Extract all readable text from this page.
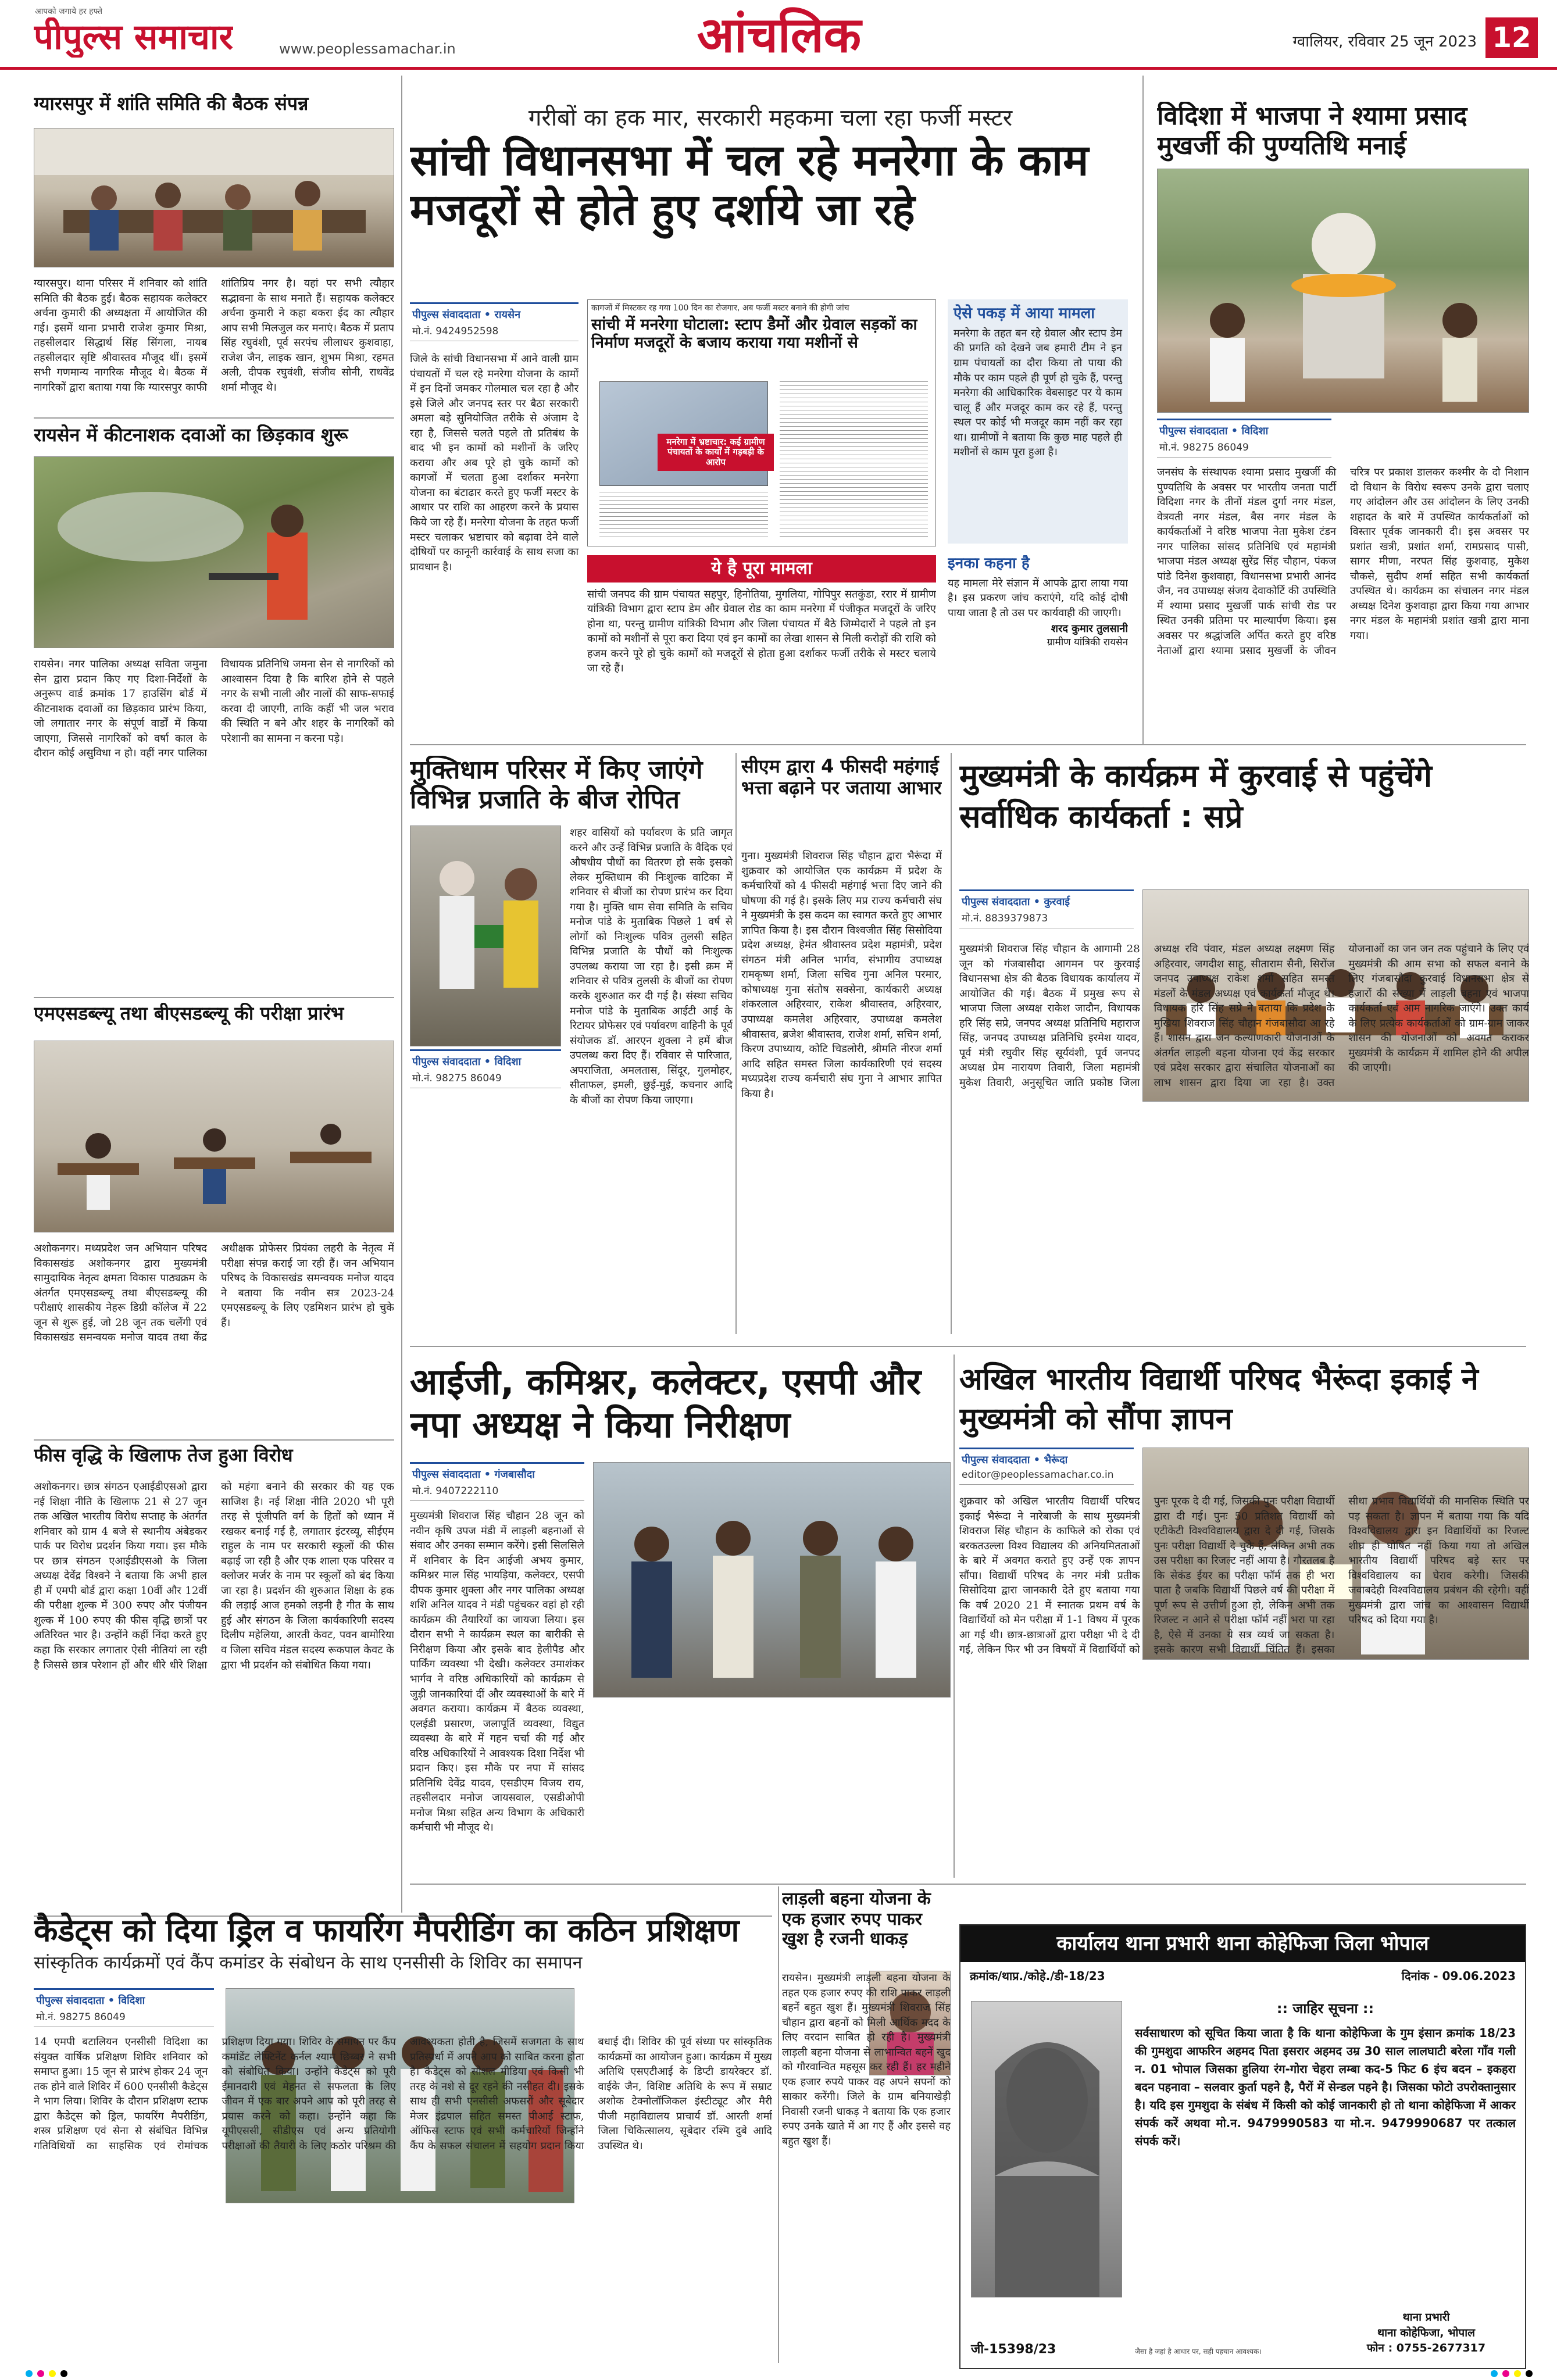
आपको जगाये हर हफ्ते
पीपुल्स समाचार	www.peoplessamachar.in	आंचलिक	ग्वालियर, रविवार 25 जून 2023 12
ग्यारसपुर में शांति समिति की बैठक संपन्न
ग्यारसपुर। थाना परिसर में शनिवार को शांति समिति की बैठक हुई। बैठक सहायक कलेक्टर अर्चना कुमारी की अध्यक्षता में आयोजित की गई। इसमें थाना प्रभारी राजेश कुमार मिश्रा, तहसीलदार सिद्धार्थ सिंह सिंगला, नायब तहसीलदार सृष्टि श्रीवास्तव मौजूद थीं। इसमें सभी गणमान्य नागरिक मौजूद थे। बैठक में नागरिकों द्वारा बताया गया कि ग्यारसपुर काफी शांतिप्रिय नगर है। यहां पर सभी त्यौहार सद्भावना के साथ मनाते हैं। सहायक कलेक्टर अर्चना कुमारी ने कहा बकरा ईद का त्यौहार आप सभी मिलजुल कर मनाएं। बैठक में प्रताप सिंह रघुवंशी, पूर्व सरपंच लीलाधर कुशवाहा, राजेश जैन, लाइक खान, शुभम मिश्रा, रहमत अली, दीपक रघुवंशी, संजीव सोनी, राधवेंद्र शर्मा मौजूद थे।
रायसेन में कीटनाशक दवाओं का छिड़काव शुरू
रायसेन। नगर पालिका अध्यक्ष सविता जमुना सेन द्वारा प्रदान किए गए दिशा-निर्देशों के अनुरूप वार्ड क्रमांक 17 हाउसिंग बोर्ड में कीटनाशक दवाओं का छिड़काव प्रारंभ किया, जो लगातार नगर के संपूर्ण वार्डों में किया जाएगा, जिससे नागरिकों को वर्षा काल के दौरान कोई असुविधा न हो। वहीं नगर पालिका विधायक प्रतिनिधि जमना सेन से नागरिकों को आश्वासन दिया है कि बारिश होने से पहले नगर के सभी नाली और नालों की साफ-सफाई करवा दी जाएगी, ताकि कहीं भी जल भराव की स्थिति न बने और शहर के नागरिकों को परेशानी का सामना न करना पड़े।
एमएसडब्ल्यू तथा बीएसडब्ल्यू की परीक्षा प्रारंभ
अशोकनगर। मध्यप्रदेश जन अभियान परिषद विकासखंड अशोकनगर द्वारा मुख्यमंत्री सामुदायिक नेतृत्व क्षमता विकास पाठ्यक्रम के अंतर्गत एमएसडब्ल्यू तथा बीएसडब्ल्यू की परीक्षाएं शासकीय नेहरू डिग्री कॉलेज में 22 जून से शुरू हुई, जो 28 जून तक चलेंगी एवं विकासखंड समन्वयक मनोज यादव तथा केंद्र अधीक्षक प्रोफेसर प्रियंका लहरी के नेतृत्व में परीक्षा संपन्न कराई जा रही हैं। जन अभियान परिषद के विकासखंड समन्वयक मनोज यादव ने बताया कि नवीन सत्र 2023-24 एमएसडब्ल्यू के लिए एडमिशन प्रारंभ हो चुके हैं।
फीस वृद्धि के खिलाफ तेज हुआ विरोध
अशोकनगर। छात्र संगठन एआईडीएसओ द्वारा नई शिक्षा नीति के खिलाफ 21 से 27 जून तक अखिल भारतीय विरोध सप्ताह के अंतर्गत शनिवार को ग्राम 4 बजे से स्थानीय अंबेडकर पार्क पर विरोध प्रदर्शन किया गया। इस मौके पर छात्र संगठन एआईडीएसओ के जिला अध्यक्ष देवेंद्र विश्वने ने बताया कि अभी हाल ही में एमपी बोर्ड द्वारा कक्षा 10वीं और 12वीं की परीक्षा शुल्क में 300 रुपए और पंजीयन शुल्क में 100 रुपए की फीस वृद्धि छात्रों पर अतिरिक्त भार है। उन्होंने कहीं निंदा करते हुए कहा कि सरकार लगातार ऐसी नीतियां ला रही है जिससे छात्र परेशान हों और धीरे धीरे शिक्षा को महंगा बनाने की सरकार की यह एक साजिश है। नई शिक्षा नीति 2020 भी पूरी तरह से पूंजीपति वर्ग के हितों को ध्यान में रखकर बनाई गई है, लगातार इंटरव्यू, सीईएम राहुल के नाम पर सरकारी स्कूलों की फीस बढ़ाई जा रही है और एक शाला एक परिसर व क्लोजर मर्जर के नाम पर स्कूलों को बंद किया जा रहा है। प्रदर्शन की शुरुआत शिक्षा के हक की लड़ाई आज हमको लड़नी है गीत के साथ हुई और संगठन के जिला कार्यकारिणी सदस्य दिलीप महेलिया, आरती केवट, पवन बामोरिया व जिला सचिव मंडल सदस्य रूकपाल केवट के द्वारा भी प्रदर्शन को संबोधित किया गया।
गरीबों का हक मार, सरकारी महकमा चला रहा फर्जी मस्टर
सांची विधानसभा में चल रहे मनरेगा के काम मजदूरों से होते हुए दर्शाये जा रहे
पीपुल्स संवाददाता • रायसेन
मो.नं. 9424952598
जिले के सांची विधानसभा में आने वाली ग्राम पंचायतों में चल रहे मनरेगा योजना के कामों में इन दिनों जमकर गोलमाल चल रहा है और इसे जिले और जनपद स्तर पर बैठा सरकारी अमला बड़े सुनियोजित तरीके से अंजाम दे रहा है, जिससे चलते पहले तो प्रतिबंध के बाद भी इन कामों को मशीनों के जरिए कराया और अब पूरे हो चुके कामों को कागजों में चलता हुआ दर्शाकर मनरेगा योजना का बंटाढार करते हुए फर्जी मस्टर के आधार पर राशि का आहरण करने के प्रयास किये जा रहे हैं। मनरेगा योजना के तहत फर्जी मस्टर चलाकर भ्रष्टाचार को बढ़ावा देने वाले दोषियों पर कानूनी कार्रवाई के साथ सजा का प्रावधान है।
कागजों में मिस्टकर रह गया 100 दिन का रोजगार, अब फर्जी मस्टर बनाने की होगी जांच
सांची में मनरेगा घोटाला: स्टाप डैमों और ग्रेवाल सड़कों का निर्माण मजदूरों के बजाय कराया गया मशीनों से
मनरेगा में भ्रष्टाचार: कई ग्रामीण पंचायतों के कार्यों में गड़बड़ी के आरोप
ये है पूरा मामला
सांची जनपद की ग्राम पंचायत सहपुर, हिनोतिया, मुगलिया, गोपिपुर सतकुंडा, ररार में ग्रामीण यांत्रिकी विभाग द्वारा स्टाप डेम और ग्रेवाल रोड का काम मनरेगा में पंजीकृत मजदूरों के जरिए होना था, परन्तु ग्रामीण यांत्रिकी विभाग और जिला पंचायत में बैठे जिम्मेदारों ने पहले तो इन कामों को मशीनों से पूरा करा दिया एवं इन कामों का लेखा शासन से मिली करोड़ों की राशि को हजम करने पूरे हो चुके कामों को मजदूरों से होता हुआ दर्शाकर फर्जी तरीके से मस्टर चलाये जा रहे हैं।
ऐसे पकड़ में आया मामला
मनरेगा के तहत बन रहे ग्रेवाल और स्टाप डेम की प्रगति को देखने जब हमारी टीम ने इन ग्राम पंचायतों का दौरा किया तो पाया की मौके पर काम पहले ही पूर्ण हो चुके हैं, परन्तु मनरेगा की आधिकारिक वेबसाइट पर ये काम चालू हैं और मजदूर काम कर रहे हैं, परन्तु स्थल पर कोई भी मजदूर काम नहीं कर रहा था। ग्रामीणों ने बताया कि कुछ माह पहले ही मशीनों से काम पूरा हुआ है।
इनका कहना है
यह मामला मेरे संज्ञान में आपके द्वारा लाया गया है। इस प्रकरण जांच कराएंगे, यदि कोई दोषी पाया जाता है तो उस पर कार्यवाही की जाएगी।
शरद कुमार तुलसानी
ग्रामीण यांत्रिकी रायसेन
विदिशा में भाजपा ने श्यामा प्रसाद मुखर्जी की पुण्यतिथि मनाई
पीपुल्स संवाददाता • विदिशा
मो.नं. 98275 86049
जनसंघ के संस्थापक श्यामा प्रसाद मुखर्जी की पुण्यतिथि के अवसर पर भारतीय जनता पार्टी विदिशा नगर के तीनों मंडल दुर्गा नगर मंडल, वेत्रवती नगर मंडल, बैस नगर मंडल के कार्यकर्ताओं ने वरिष्ठ भाजपा नेता मुकेश टंडन नगर पालिका सांसद प्रतिनिधि एवं महामंत्री भाजपा मंडल अध्यक्ष सुरेंद्र सिंह चौहान, पंकज पांडे दिनेश कुशवाहा, विधानसभा प्रभारी आनंद जैन, नव उपाध्यक्ष संजय देवाकोर्टि की उपस्थिति में श्यामा प्रसाद मुखर्जी पार्क सांची रोड पर स्थित उनकी प्रतिमा पर माल्यार्पण किया। इस अवसर पर श्रद्धांजलि अर्पित करते हुए वरिष्ठ नेताओं द्वारा श्यामा प्रसाद मुखर्जी के जीवन चरित्र पर प्रकाश डालकर कश्मीर के दो निशान दो विधान के विरोध स्वरूप उनके द्वारा चलाए गए आंदोलन और उस आंदोलन के लिए उनकी शहादत के बारे में उपस्थित कार्यकर्ताओं को विस्तार पूर्वक जानकारी दी। इस अवसर पर प्रशांत खत्री, प्रशांत शर्मा, रामप्रसाद पासी, सागर मीणा, नरपत सिंह कुशवाह, मुकेश चौकसे, सुदीप शर्मा सहित सभी कार्यकर्ता उपस्थित थे। कार्यक्रम का संचालन नगर मंडल अध्यक्ष दिनेश कुशवाहा द्वारा किया गया आभार नगर मंडल के महामंत्री प्रशांत खत्री द्वारा माना गया।
मुक्तिधाम परिसर में किए जाएंगे विभिन्न प्रजाति के बीज रोपित
पीपुल्स संवाददाता • विदिशा
मो.नं. 98275 86049
शहर वासियों को पर्यावरण के प्रति जागृत करने और उन्हें विभिन्न प्रजाति के वैदिक एवं औषधीय पौधों का वितरण हो सके इसको लेकर मुक्तिधाम की निःशुल्क वाटिका में शनिवार से बीजों का रोपण प्रारंभ कर दिया गया है। मुक्ति धाम सेवा समिति के सचिव मनोज पांडे के मुताबिक पिछले 1 वर्ष से लोगों को निःशुल्क पवित्र तुलसी सहित विभिन्न प्रजाति के पौधों को निःशुल्क उपलब्ध कराया जा रहा है। इसी क्रम में शनिवार से पवित्र तुलसी के बीजों का रोपण करके शुरुआत कर दी गई है। संस्था सचिव मनोज पांडे के मुताबिक आईटी आई के रिटायर प्रोफेसर एवं पर्यावरण वाहिनी के पूर्व संयोजक डॉ. आरएन शुक्ला ने हमें बीज उपलब्ध करा दिए हैं। रविवार से पारिजात, अपराजिता, अमलतास, सिंदूर, गुलमोहर, सीताफल, इमली, छुई-मुई, कचनार आदि के बीजों का रोपण किया जाएगा।
सीएम द्वारा 4 फीसदी महंगाई भत्ता बढ़ाने पर जताया आभार
गुना। मुख्यमंत्री शिवराज सिंह चौहान द्वारा भैरूंदा में शुक्रवार को आयोजित एक कार्यक्रम में प्रदेश के कर्मचारियों को 4 फीसदी महंगाई भत्ता दिए जाने की घोषणा की गई है। इसके लिए मप्र राज्य कर्मचारी संघ ने मुख्यमंत्री के इस कदम का स्वागत करते हुए आभार ज्ञापित किया है। इस दौरान विश्वजीत सिंह सिसोदिया प्रदेश अध्यक्ष, हेमंत श्रीवास्तव प्रदेश महामंत्री, प्रदेश संगठन मंत्री अनिल भार्गव, संभागीय उपाध्यक्ष रामकृष्ण शर्मा, जिला सचिव गुना अनिल परमार, कोषाध्यक्ष गुना संतोष सक्सेना, कार्यकारी अध्यक्ष शंकरलाल अहिरवार, राकेश श्रीवास्तव, अहिरवार, उपाध्यक्ष कमलेश अहिरवार, उपाध्यक्ष कमलेश श्रीवास्तव, ब्रजेश श्रीवास्तव, राजेश शर्मा, सचिन शर्मा, किरण उपाध्याय, कोटि चिडलोरी, श्रीमति नीरज शर्मा आदि सहित समस्त जिला कार्यकारिणी एवं सदस्य मध्यप्रदेश राज्य कर्मचारी संघ गुना ने आभार ज्ञापित किया है।
मुख्यमंत्री के कार्यक्रम में कुरवाई से पहुंचेंगे सर्वाधिक कार्यकर्ता : सप्रे
पीपुल्स संवाददाता • कुरवाई
मो.नं. 8839379873
मुख्यमंत्री शिवराज सिंह चौहान के आगामी 28 जून को गंजबासौदा आगमन पर कुरवाई विधानसभा क्षेत्र की बैठक विधायक कार्यालय में आयोजित की गई। बैठक में प्रमुख रूप से भाजपा जिला अध्यक्ष राकेश जादौन, विधायक हरि सिंह सप्रे, जनपद अध्यक्ष प्रतिनिधि महाराज सिंह, जनपद उपाध्यक्ष प्रतिनिधि इरमेश यादव, पूर्व मंत्री रघुवीर सिंह सूर्यवंशी, पूर्व जनपद अध्यक्ष प्रेम नारायण तिवारी, जिला महामंत्री मुकेश तिवारी, अनुसूचित जाति प्रकोष्ठ जिला अध्यक्ष रवि पंवार, मंडल अध्यक्ष लक्ष्मण सिंह अहिरवार, जगदीश साहू, सीताराम सैनी, सिरोंज जनपद उपाध्यक्ष राकेश शर्मा सहित समस्त मंडलों के मंडल अध्यक्ष एवं कार्यकर्ता मौजूद थे। विधायक हरि सिंह सप्रे ने बताया कि प्रदेश के मुखिया शिवराज सिंह चौहान गंजबासौदा आ रहे हैं। शासन द्वारा जन कल्याणकारी योजनाओं के अंतर्गत लाड़ली बहना योजना एवं केंद्र सरकार एवं प्रदेश सरकार द्वारा संचालित योजनाओं का लाभ शासन द्वारा दिया जा रहा है। उक्त योजनाओं का जन जन तक पहुंचाने के लिए एवं मुख्यमंत्री की आम सभा को सफल बनाने के लिए गंजबासौदा कुरवाई विधानसभा क्षेत्र से हजारों की संख्या में लाड़ली बहना एवं भाजपा कार्यकर्ता एवं आम नागरिक जाएंगे। उक्त कार्य के लिए प्रत्येक कार्यकर्ताओं को ग्राम-ग्राम जाकर शासन की योजनाओं को अवगत कराकर मुख्यमंत्री के कार्यक्रम में शामिल होने की अपील की जाएगी।
आईजी, कमिश्नर, कलेक्टर, एसपी और नपा अध्यक्ष ने किया निरीक्षण
पीपुल्स संवाददाता • गंजबासौदा
मो.नं. 9407222110
मुख्यमंत्री शिवराज सिंह चौहान 28 जून को नवीन कृषि उपज मंडी में लाड़ली बहनाओं से संवाद और उनका सम्मान करेंगे। इसी सिलसिले में शनिवार के दिन आईजी अभय कुमार, कमिश्नर माल सिंह भायड़िया, कलेक्टर, एसपी दीपक कुमार शुक्ला और नगर पालिका अध्यक्ष शशि अनिल यादव ने मंडी पहुंचकर वहां हो रही कार्यक्रम की तैयारियों का जायजा लिया। इस दौरान सभी ने कार्यक्रम स्थल का बारीकी से निरीक्षण किया और इसके बाद हेलीपैड और पार्किंग व्यवस्था भी देखी। कलेक्टर उमाशंकर भार्गव ने वरिष्ठ अधिकारियों को कार्यक्रम से जुड़ी जानकारियां दीं और व्यवस्थाओं के बारे में अवगत कराया। कार्यक्रम में बैठक व्यवस्था, एलईडी प्रसारण, जलापूर्ति व्यवस्था, विद्युत व्यवस्था के बारे में गहन चर्चा की गई और वरिष्ठ अधिकारियों ने आवश्यक दिशा निर्देश भी प्रदान किए। इस मौके पर नपा में सांसद प्रतिनिधि देवेंद्र यादव, एसडीएम विजय राय, तहसीलदार मनोज जायसवाल, एसडीओपी मनोज मिश्रा सहित अन्य विभाग के अधिकारी कर्मचारी भी मौजूद थे।
अखिल भारतीय विद्यार्थी परिषद भैरूंदा इकाई ने मुख्यमंत्री को सौंपा ज्ञापन
पीपुल्स संवाददाता • भैरूंदा
editor@peoplessamachar.co.in
शुक्रवार को अखिल भारतीय विद्यार्थी परिषद इकाई भैरूंदा ने नारेबाजी के साथ मुख्यमंत्री शिवराज सिंह चौहान के काफिले को रोका एवं बरकतउल्ला विश्व विद्यालय की अनियमितताओं के बारे में अवगत कराते हुए उन्हें एक ज्ञापन सौंपा। विद्यार्थी परिषद के नगर मंत्री प्रतीक सिसोदिया द्वारा जानकारी देते हुए बताया गया कि वर्ष 2020 21 में स्नातक प्रथम वर्ष के विद्यार्थियों को मेन परीक्षा में 1-1 विषय में पूरक आ गई थी। छात्र-छात्राओं द्वारा परीक्षा भी दे दी गई, लेकिन फिर भी उन विषयों में विद्यार्थियों को पुनः पूरक दे दी गई, जिसकी पुनः परीक्षा विद्यार्थी द्वारा दी गई। पुनः 50 प्रतिशत विद्यार्थी को एटीकेटी विश्वविद्यालय द्वारा दे दी गई, जिसके पुनः परीक्षा विद्यार्थी दे चुके हैं, लेकिन अभी तक उस परीक्षा का रिजल्ट नहीं आया है। गौरतलब है कि सेकंड ईयर का परीक्षा फॉर्म तक ही भरा पाता है जबकि विद्यार्थी पिछले वर्ष की परीक्षा में पूर्ण रूप से उत्तीर्ण हुआ हो, लेकिन अभी तक रिजल्ट न आने से परीक्षा फॉर्म नहीं भरा पा रहा है, ऐसे में उनका ये सत्र व्यर्थ जा सकता है। इसके कारण सभी विद्यार्थी चिंतित हैं। इसका सीधा प्रभाव विद्यार्थियों की मानसिक स्थिति पर पड़ सकता है। ज्ञापन में बताया गया कि यदि विश्वविद्यालय द्वारा इन विद्यार्थियों का रिजल्ट शीघ्र ही घोषित नहीं किया गया तो अखिल भारतीय विद्यार्थी परिषद बड़े स्तर पर विश्वविद्यालय का घेराव करेगी। जिसकी जवाबदेही विश्वविद्यालय प्रबंधन की रहेगी। वहीं मुख्यमंत्री द्वारा जांच का आश्वासन विद्यार्थी परिषद को दिया गया है।
कैडेट्स को दिया ड्रिल व फायरिंग मैपरीडिंग का कठिन प्रशिक्षण
सांस्कृतिक कार्यक्रमों एवं कैंप कमांडर के संबोधन के साथ एनसीसी के शिविर का समापन
पीपुल्स संवाददाता • विदिशा
मो.नं. 98275 86049
14 एमपी बटालियन एनसीसी विदिशा का संयुक्त वार्षिक प्रशिक्षण शिविर शनिवार को समाप्त हुआ। 15 जून से प्रारंभ होकर 24 जून तक होने वाले शिविर में 600 एनसीसी कैडेट्स ने भाग लिया। शिविर के दौरान प्रशिक्षण स्टाफ द्वारा कैडेट्स को ड्रिल, फायरिंग मैपरीडिंग, शस्त्र प्रशिक्षण एवं सेना से संबंधित विभिन्न गतिविधियों का साहसिक एवं रोमांचक प्रशिक्षण दिया गया। शिविर के समापन पर कैंप कमांडेंट लेफ्टिनेंट कर्नल श्याम छिब्बर ने सभी को संबोधित किया। उन्होंने कैडेट्स को पूरी ईमानदारी एवं मेहनत से सफलता के लिए जीवन में एक बार अपने आप को पूरी तरह से प्रयास करने को कहा। उन्होंने कहा कि यूपीएससी, सीडीएस एवं अन्य प्रतियोगी परीक्षाओं की तैयारी के लिए कठोर परिश्रम की आवश्यकता होती है, जिसमें सजगता के साथ प्रतिस्पर्धा में अपने आप को साबित करना होता है। कैडेट्स को सोशल मीडिया एवं किसी भी तरह के नशे से दूर रहने की नसीहत दी। इसके साथ ही सभी एनसीसी अफसरों और सूबेदार मेजर इंद्रपाल सहित समस्त पीआई स्टाफ, ऑफिस स्टाफ एवं सभी कर्मचारियों जिन्होंने कैंप के सफल संचालन में सहयोग प्रदान किया बधाई दी। शिविर की पूर्व संध्या पर सांस्कृतिक कार्यक्रमों का आयोजन हुआ। कार्यक्रम में मुख्य अतिथि एसएटीआई के डिप्टी डायरेक्टर डॉ. वाईके जैन, विशिष्ट अतिथि के रूप में सम्राट अशोक टेक्नोलॉजिकल इंस्टीट्यूट और मैरी पीजी महाविद्यालय प्राचार्य डॉ. आरती शर्मा जिला चिकित्सालय, सूबेदार रश्मि दुबे आदि उपस्थित थे।
लाड़ली बहना योजना के एक हजार रुपए पाकर खुश है रजनी धाकड़
रायसेन। मुख्यमंत्री लाड़ली बहना योजना के तहत एक हजार रुपए की राशि पाकर लाड़ली बहनें बहुत खुश हैं। मुख्यमंत्री शिवराज सिंह चौहान द्वारा बहनों को मिली आर्थिक मदद के लिए वरदान साबित हो रही है। मुख्यमंत्री लाड़ली बहना योजना से लाभान्वित बहनें खुद को गौरवान्वित महसूस कर रही हैं। हर महीने एक हजार रुपये पाकर वह अपने सपनों को साकार करेंगी। जिले के ग्राम बनियाखेड़ी निवासी रजनी धाकड़ ने बताया कि एक हजार रुपए उनके खाते में आ गए हैं और इससे वह बहुत खुश हैं।
कार्यालय थाना प्रभारी थाना कोहेफिजा जिला भोपाल
क्रमांक/थाप्र./कोहे./डी-18/23	दिनांक - 09.06.2023
:: जाहिर सूचना ::
सर्वसाधारण को सूचित किया जाता है कि थाना कोहेफिजा के गुम इंसान क्रमांक 18/23 की गुमशुदा आफरिन अहमद पिता इसरार अहमद उम्र 30 साल लालघाटी बरेला गाँव गली न. 01 भोपाल जिसका हुलिया रंग-गोरा चेहरा लम्बा कद-5 फिट 6 इंच बदन – इकहरा बदन पहनावा – सलवार कुर्ता पहने है, पैरों में सेन्डल पहने है। जिसका फोटो उपरोक्तानुसार है। यदि इस गुमशुदा के संबंध में किसी को कोई जानकारी हो तो थाना कोहेफिजा में आकर संपर्क करें अथवा मो.न. 9479990583 या मो.न. 9479990687 पर तत्काल संपर्क करें।
थाना प्रभारी
थाना कोहेफिजा, भोपाल
फोन : 0755-2677317
जी-15398/23	जैसा है जहां है आधार पर, सही पहचान आवश्यक।
